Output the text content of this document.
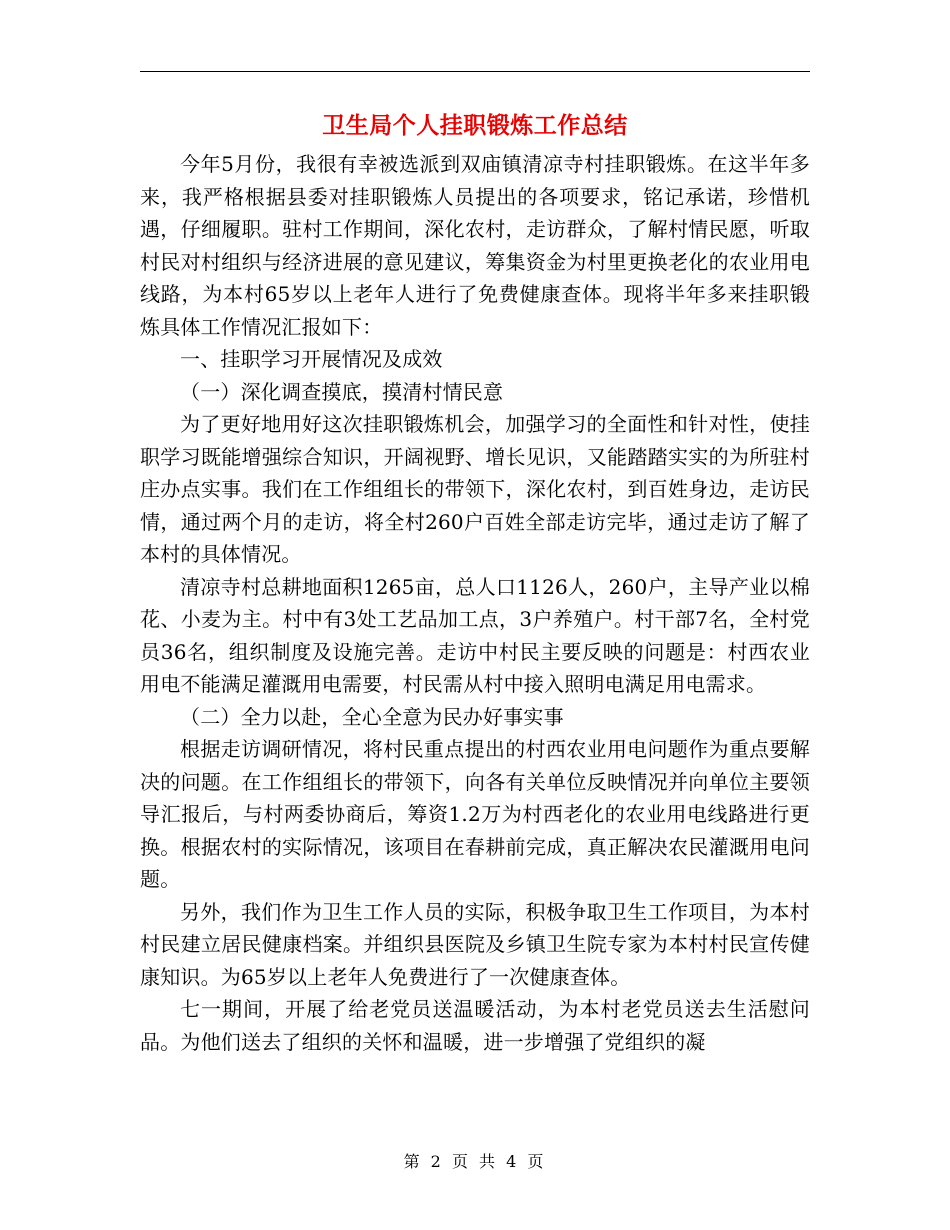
卫生局个人挂职锻炼工作总结

今年5月份，我很有幸被选派到双庙镇清凉寺村挂职锻炼。在这半年多来，我严格根据县委对挂职锻炼人员提出的各项要求，铭记承诺，珍惜机遇，仔细履职。驻村工作期间，深化农村，走访群众，了解村情民愿，听取村民对村组织与经济进展的意见建议，筹集资金为村里更换老化的农业用电线路，为本村65岁以上老年人进行了免费健康查体。现将半年多来挂职锻炼具体工作情况汇报如下：

一、挂职学习开展情况及成效

（一）深化调查摸底，摸清村情民意

为了更好地用好这次挂职锻炼机会，加强学习的全面性和针对性，使挂职学习既能增强综合知识，开阔视野、增长见识，又能踏踏实实的为所驻村庄办点实事。我们在工作组组长的带领下，深化农村，到百姓身边，走访民情，通过两个月的走访，将全村260户百姓全部走访完毕，通过走访了解了本村的具体情况。

清凉寺村总耕地面积1265亩，总人口1126人，260户，主导产业以棉花、小麦为主。村中有3处工艺品加工点，3户养殖户。村干部7名，全村党员36名，组织制度及设施完善。走访中村民主要反映的问题是：村西农业用电不能满足灌溉用电需要，村民需从村中接入照明电满足用电需求。

（二）全力以赴，全心全意为民办好事实事

根据走访调研情况，将村民重点提出的村西农业用电问题作为重点要解决的问题。在工作组组长的带领下，向各有关单位反映情况并向单位主要领导汇报后，与村两委协商后，筹资1.2万为村西老化的农业用电线路进行更换。根据农村的实际情况，该项目在春耕前完成，真正解决农民灌溉用电问题。

另外，我们作为卫生工作人员的实际，积极争取卫生工作项目，为本村村民建立居民健康档案。并组织县医院及乡镇卫生院专家为本村村民宣传健康知识。为65岁以上老年人免费进行了一次健康查体。

七一期间，开展了给老党员送温暖活动，为本村老党员送去生活慰问品。为他们送去了组织的关怀和温暖，进一步增强了党组织的凝

第 2 页 共 4 页
